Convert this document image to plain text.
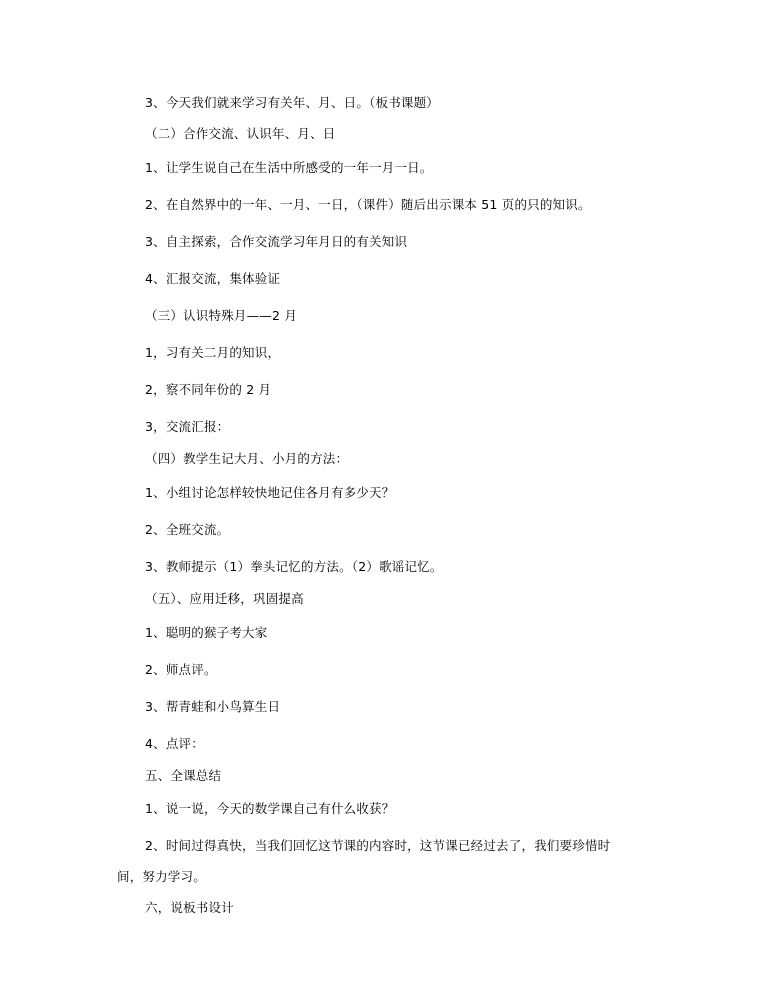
3、今天我们就来学习有关年、月、日。（板书课题）
（二）合作交流、认识年、月、日
1、让学生说自己在生活中所感受的一年一月一日。
2、在自然界中的一年、一月、一日，（课件）随后出示课本 51 页的只的知识。
3、自主探索，合作交流学习年月日的有关知识
4、汇报交流，集体验证
（三）认识特殊月——2 月
1，习有关二月的知识，
2，察不同年份的 2 月
3，交流汇报：
（四）教学生记大月、小月的方法：
1、小组讨论怎样较快地记住各月有多少天？
2、全班交流。
3、教师提示（1）拳头记忆的方法。（2）歌谣记忆。
（五）、应用迁移，巩固提高
1、聪明的猴子考大家
2、师点评。
3、帮青蛙和小鸟算生日
4、点评：
五、全课总结
1、说一说，今天的数学课自己有什么收获？
2、时间过得真快，当我们回忆这节课的内容时，这节课已经过去了，我们要珍惜时
间，努力学习。
六，说板书设计
